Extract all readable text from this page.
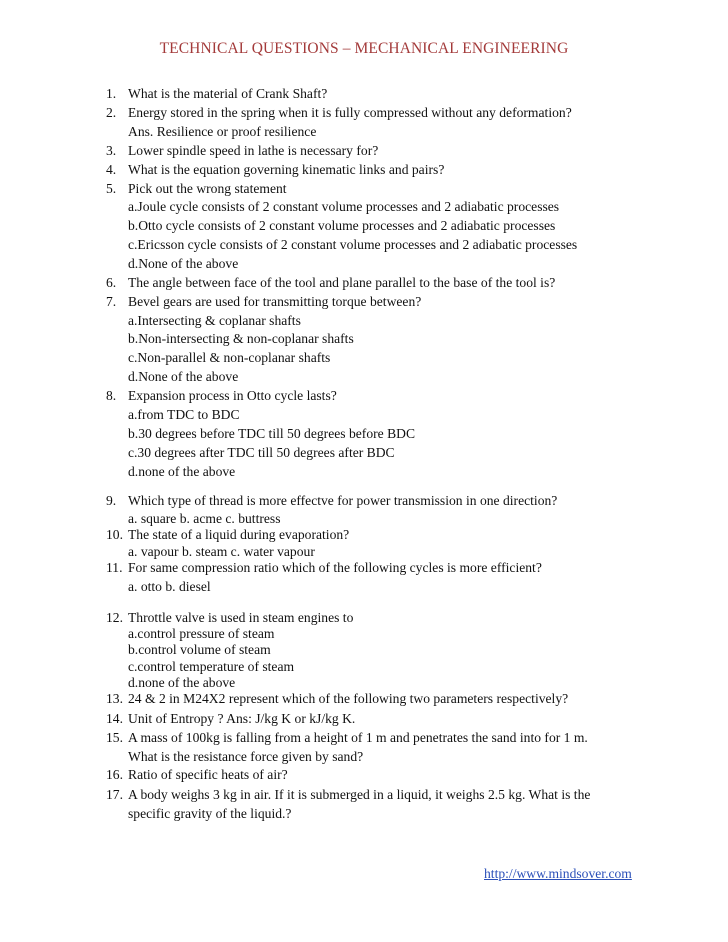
TECHNICAL QUESTIONS – MECHANICAL ENGINEERING
1. What is the material of Crank Shaft?
2. Energy stored in the spring when it is fully compressed without any deformation?
Ans. Resilience or proof resilience
3. Lower spindle speed in lathe is necessary for?
4. What is the equation governing kinematic links and pairs?
5. Pick out the wrong statement
a.Joule cycle consists of 2 constant volume processes and 2 adiabatic processes
b.Otto cycle consists of 2 constant volume processes and 2 adiabatic processes
c.Ericsson cycle consists of 2 constant volume processes and 2 adiabatic processes
d.None of the above
6. The angle between face of the tool and plane parallel to the base of the tool is?
7. Bevel gears are used for transmitting torque between?
a.Intersecting & coplanar shafts
b.Non-intersecting & non-coplanar shafts
c.Non-parallel & non-coplanar shafts
d.None of the above
8. Expansion process in Otto cycle lasts?
a.from TDC to BDC
b.30 degrees before TDC till 50 degrees before BDC
c.30 degrees after TDC till 50 degrees after BDC
d.none of the above
9. Which type of thread is more effectve for power transmission in one direction?
a. square b. acme c. buttress
10. The state of a liquid during evaporation?
a. vapour b. steam c. water vapour
11. For same compression ratio which of the following cycles is more efficient?
a. otto b. diesel
12. Throttle valve is used in steam engines to
a.control pressure of steam
b.control volume of steam
c.control temperature of steam
d.none of the above
13. 24 & 2 in M24X2 represent which of the following two parameters respectively?
14. Unit of Entropy ? Ans: J/kg K or kJ/kg K.
15. A mass of 100kg is falling from a height of 1 m and penetrates the sand into for 1 m.
What is the resistance force given by sand?
16. Ratio of specific heats of air?
17. A body weighs 3 kg in air. If it is submerged in a liquid, it weighs 2.5 kg. What is the
specific gravity of the liquid.?
http://www.mindsover.com
